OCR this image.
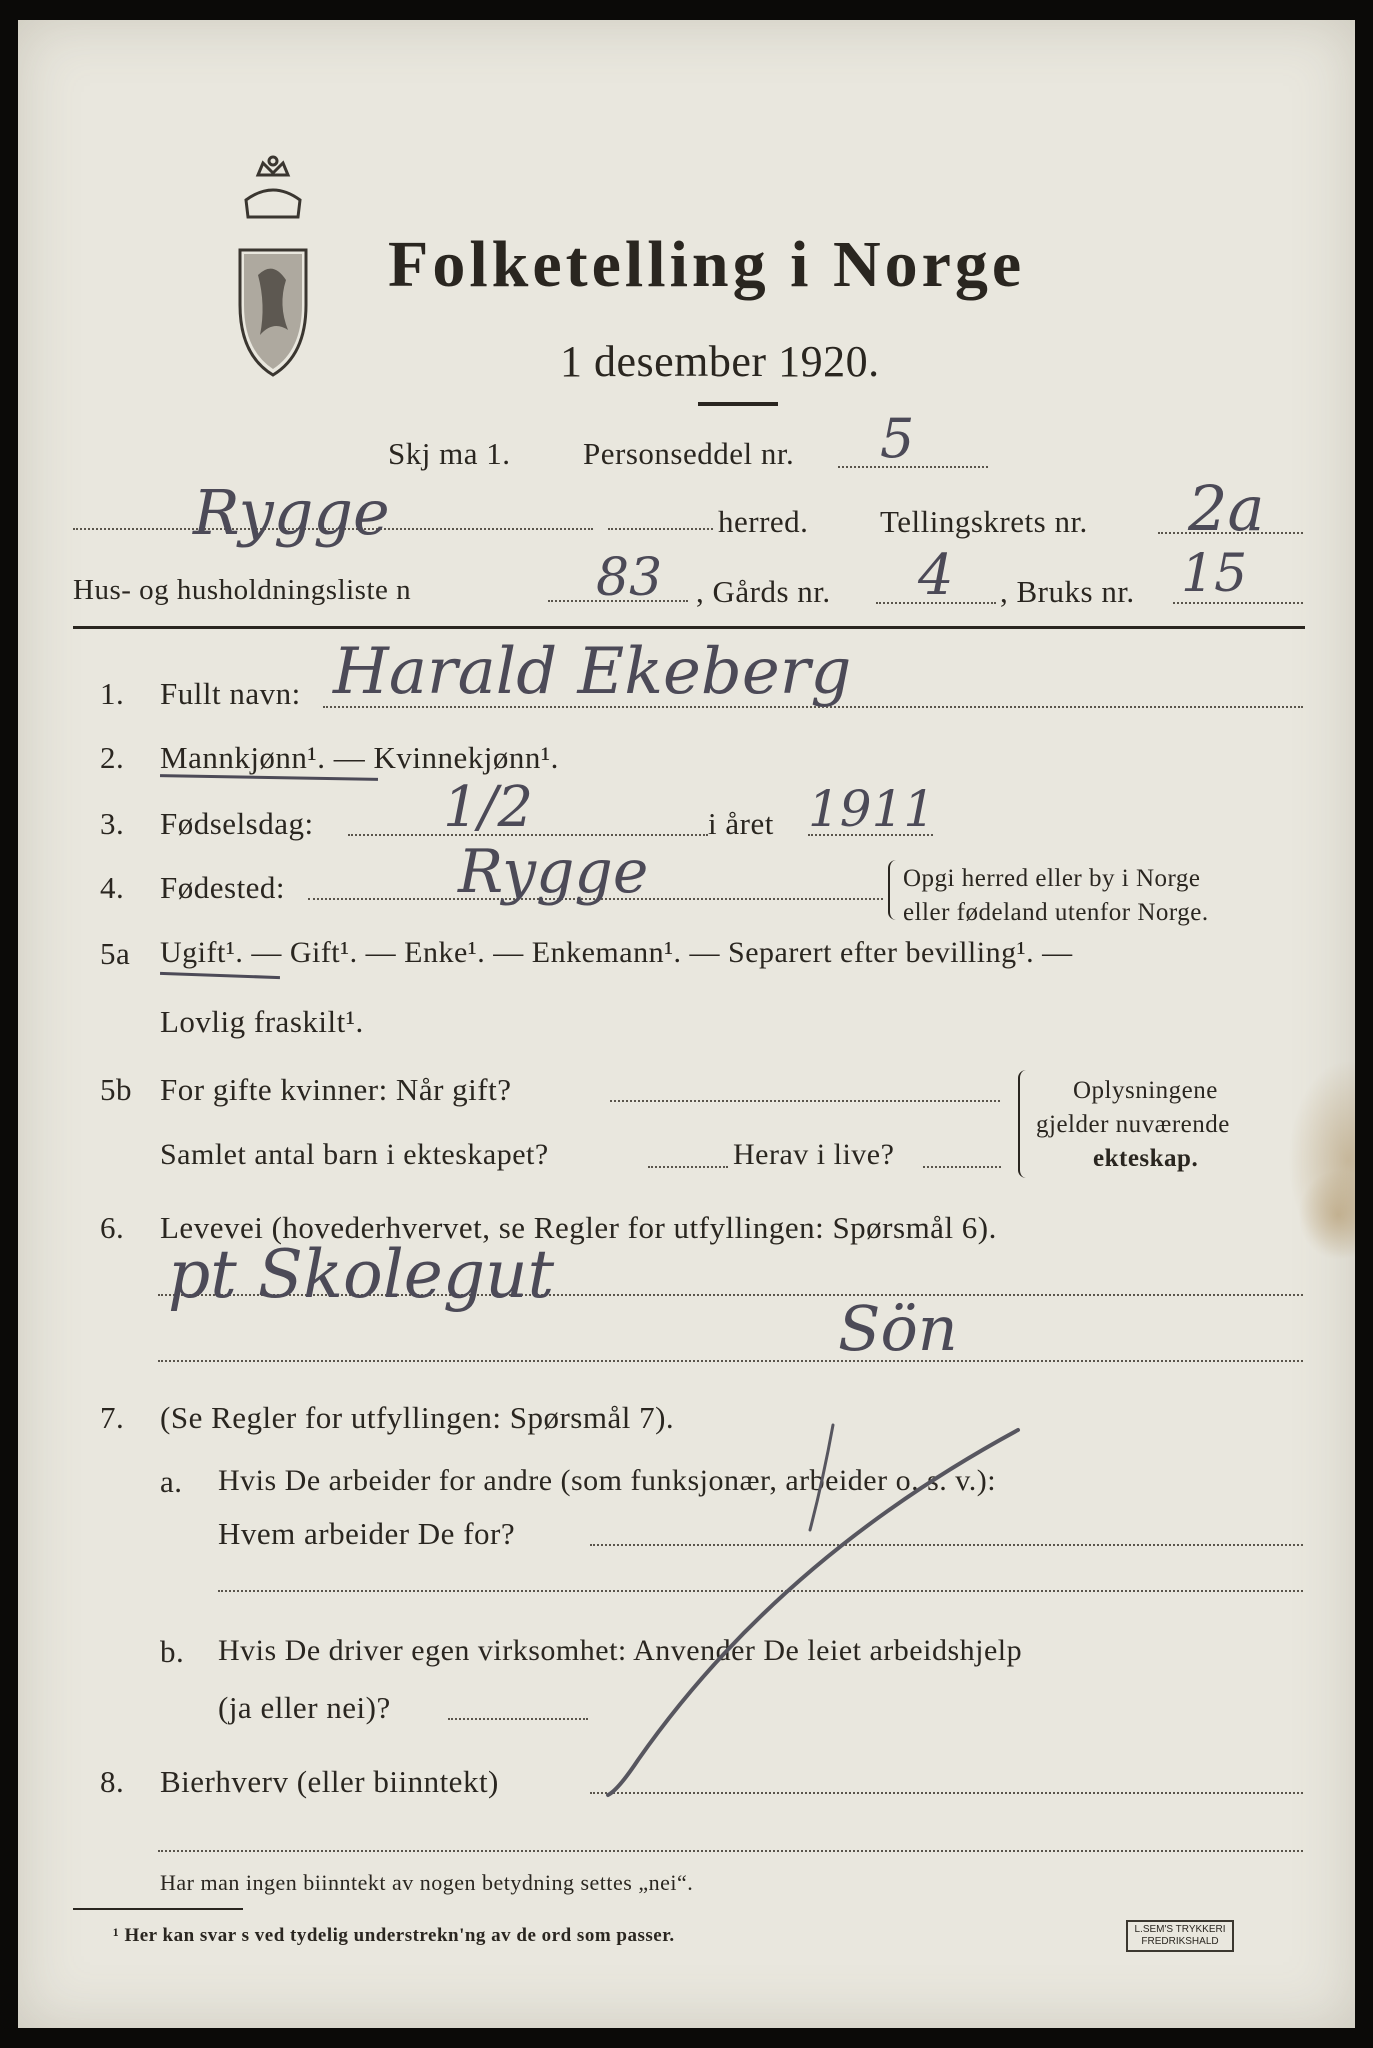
Folketelling i Norge
1 desember 1920.
Skj ma 1. Personseddel nr. 5
Rygge	herred. Tellingskrets nr. 2a
Hus- og husholdningsliste n	83 , Gårds nr. 4 , Bruks nr. 15
1. Fullt navn: Harald Ekeberg
2. Mannkjønn¹. — Kvinnekjønn¹.
3. Fødselsdag: 1/2	i året 1911
4. Fødested:	Rygge	Opgi herred eller by i Norge
eller fødeland utenfor Norge.
5a Ugift¹. — Gift¹. — Enke¹. — Enkemann¹. — Separert efter bevilling¹. —
Lovlig fraskilt¹.
5b For gifte kvinner: Når gift?
Samlet antal barn i ekteskapet?	Herav i live?
Oplysningene
gjelder nuværende
ekteskap.
6. Levevei (hovederhvervet, se Regler for utfyllingen: Spørsmål 6).
pt Skolegut
Sön
7. (Se Regler for utfyllingen: Spørsmål 7).
a. Hvis De arbeider for andre (som funksjonær, arbeider o. s. v.):
Hvem arbeider De for?
b. Hvis De driver egen virksomhet: Anvender De leiet arbeidshjelp
(ja eller nei)?
8. Bierhverv (eller biinntekt)
Har man ingen biinntekt av nogen betydning settes „nei“.
¹ Her kan svar s ved tydelig understrekn'ng av de ord som passer.	L.SEM'S TRYKKERI
FREDRIKSHALD
